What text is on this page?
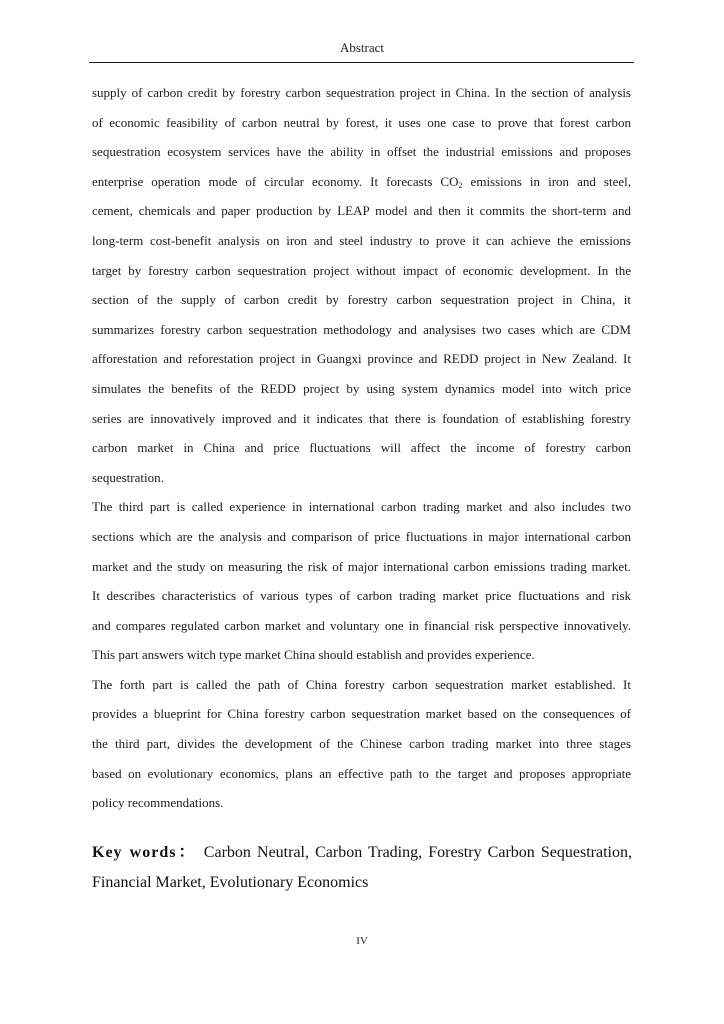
Abstract
supply of carbon credit by forestry carbon sequestration project in China. In the section of analysis
of economic feasibility of carbon neutral by forest, it uses one case to prove that forest carbon
sequestration ecosystem services have the ability in offset the industrial emissions and proposes
enterprise operation mode of circular economy. It forecasts $CO_2$ emissions in iron and steel,
cement, chemicals and paper production by LEAP model and then it commits the short-term and
long-term cost-benefit analysis on iron and steel industry to prove it can achieve the emissions
target by forestry carbon sequestration project without impact of economic development. In the
section of the supply of carbon credit by forestry carbon sequestration project in China, it
summarizes forestry carbon sequestration methodology and analysises two cases which are CDM
afforestation and reforestation project in Guangxi province and REDD project in New Zealand. It
simulates the benefits of the REDD project by using system dynamics model into witch price
series are innovatively improved and it indicates that there is foundation of establishing forestry
carbon market in China and price fluctuations will affect the income of forestry carbon
sequestration.
The third part is called experience in international carbon trading market and also includes two
sections which are the analysis and comparison of price fluctuations in major international carbon
market and the study on measuring the risk of major international carbon emissions trading market.
It describes characteristics of various types of carbon trading market price fluctuations and risk
and compares regulated carbon market and voluntary one in financial risk perspective innovatively.
This part answers witch type market China should establish and provides experience.
The forth part is called the path of China forestry carbon sequestration market established. It
provides a blueprint for China forestry carbon sequestration market based on the consequences of
the third part, divides the development of the Chinese carbon trading market into three stages
based on evolutionary economics, plans an effective path to the target and proposes appropriate
policy recommendations.
Key words： Carbon Neutral, Carbon Trading, Forestry Carbon Sequestration,
Financial Market, Evolutionary Economics
IV
